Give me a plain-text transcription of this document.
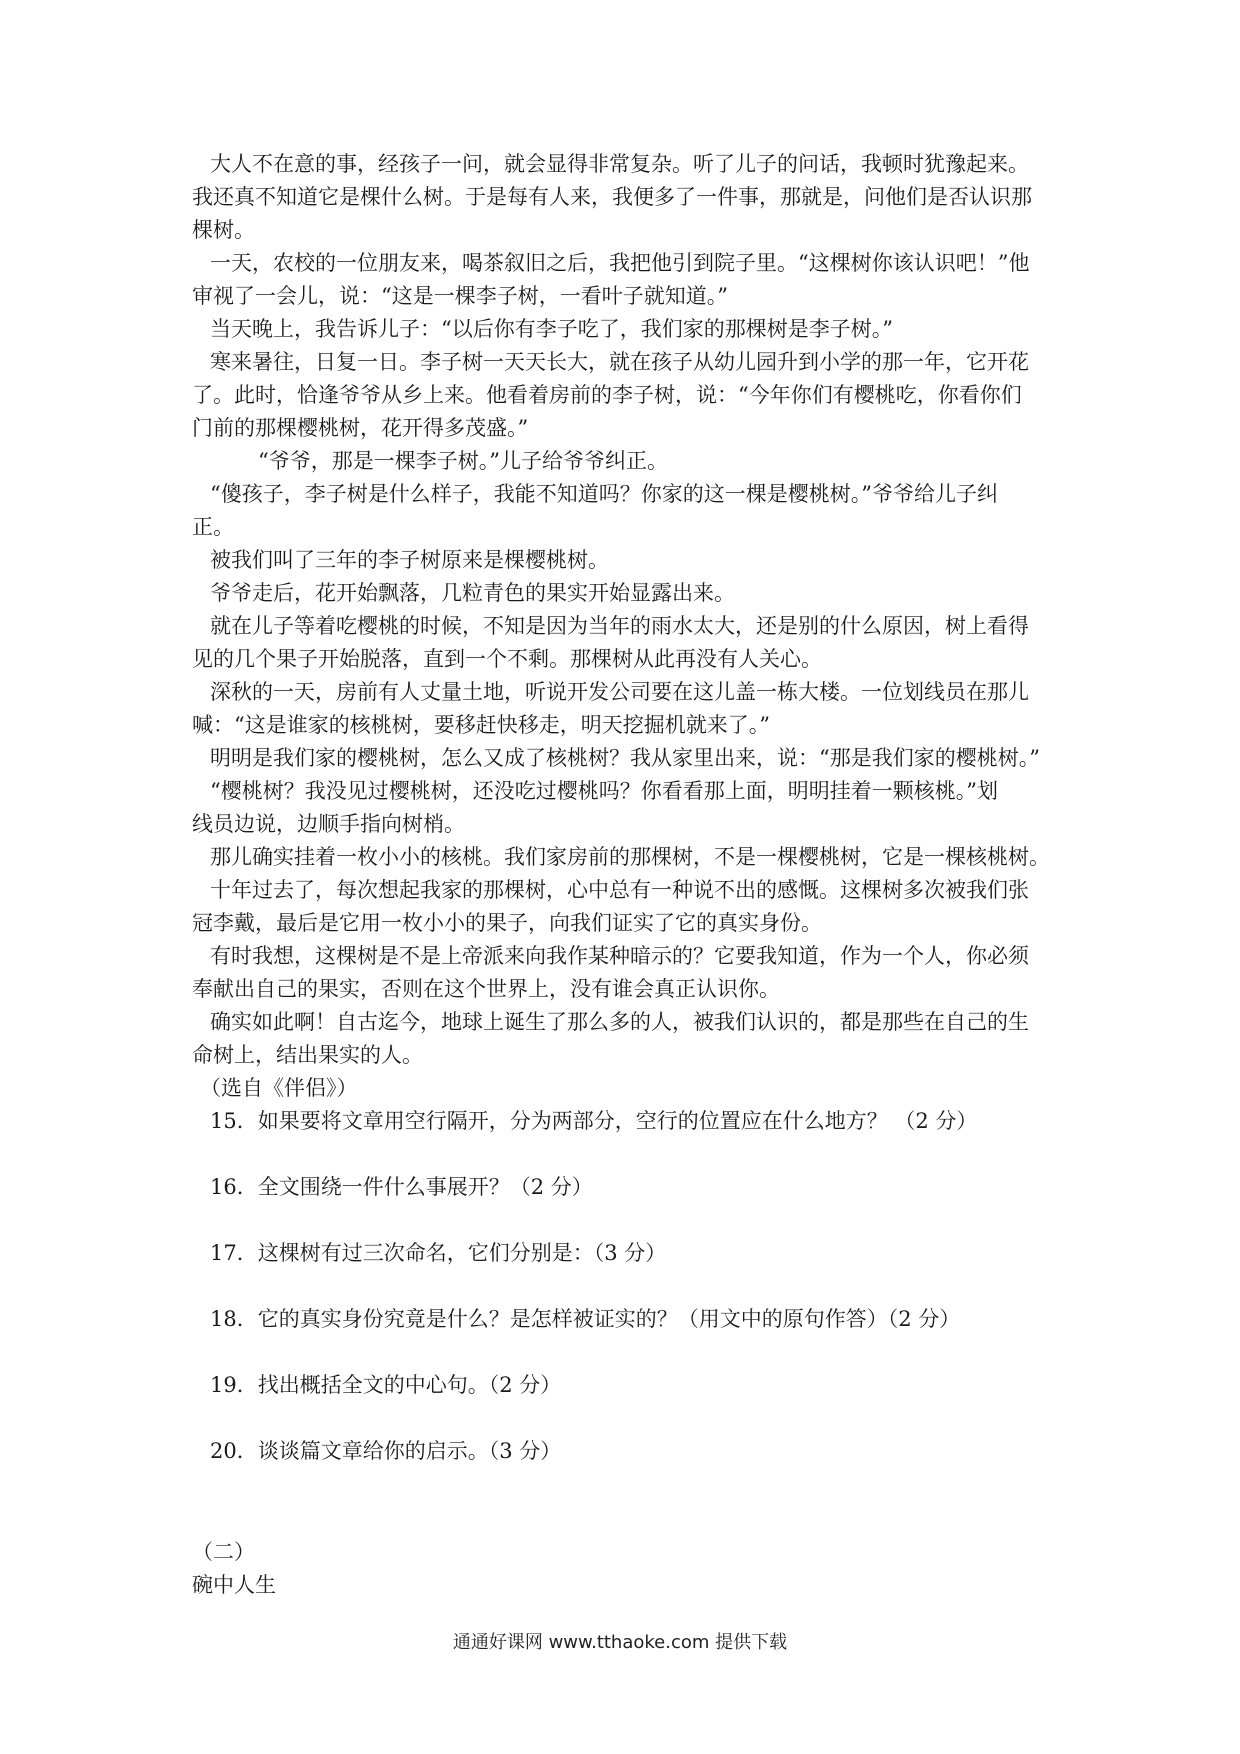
大人不在意的事，经孩子一问，就会显得非常复杂。听了儿子的问话，我顿时犹豫起来。

我还真不知道它是棵什么树。于是每有人来，我便多了一件事，那就是，问他们是否认识那

棵树。

一天，农校的一位朋友来，喝茶叙旧之后，我把他引到院子里。“这棵树你该认识吧！”他

审视了一会儿，说：“这是一棵李子树，一看叶子就知道。”

当天晚上，我告诉儿子：“以后你有李子吃了，我们家的那棵树是李子树。”

寒来暑往，日复一日。李子树一天天长大，就在孩子从幼儿园升到小学的那一年，它开花

了。此时，恰逢爷爷从乡上来。他看着房前的李子树，说：“今年你们有樱桃吃，你看你们

门前的那棵樱桃树，花开得多茂盛。”

“爷爷，那是一棵李子树。”儿子给爷爷纠正。

“傻孩子，李子树是什么样子，我能不知道吗？你家的这一棵是樱桃树。”爷爷给儿子纠

正。

被我们叫了三年的李子树原来是棵樱桃树。

爷爷走后，花开始飘落，几粒青色的果实开始显露出来。

就在儿子等着吃樱桃的时候，不知是因为当年的雨水太大，还是别的什么原因，树上看得

见的几个果子开始脱落，直到一个不剩。那棵树从此再没有人关心。

深秋的一天，房前有人丈量土地，听说开发公司要在这儿盖一栋大楼。一位划线员在那儿

喊：“这是谁家的核桃树，要移赶快移走，明天挖掘机就来了。”

明明是我们家的樱桃树，怎么又成了核桃树？我从家里出来，说：“那是我们家的樱桃树。”

“樱桃树？我没见过樱桃树，还没吃过樱桃吗？你看看那上面，明明挂着一颗核桃。”划

线员边说，边顺手指向树梢。

那儿确实挂着一枚小小的核桃。我们家房前的那棵树，不是一棵樱桃树，它是一棵核桃树。

十年过去了，每次想起我家的那棵树，心中总有一种说不出的感慨。这棵树多次被我们张

冠李戴，最后是它用一枚小小的果子，向我们证实了它的真实身份。

有时我想，这棵树是不是上帝派来向我作某种暗示的？它要我知道，作为一个人，你必须

奉献出自己的果实，否则在这个世界上，没有谁会真正认识你。

确实如此啊！自古迄今，地球上诞生了那么多的人，被我们认识的，都是那些在自己的生

命树上，结出果实的人。

（选自《伴侣》）

15．如果要将文章用空行隔开，分为两部分，空行的位置应在什么地方？ （2 分）

16．全文围绕一件什么事展开？（2 分）

17．这棵树有过三次命名，它们分别是：（3 分）

18．它的真实身份究竟是什么？是怎样被证实的？（用文中的原句作答）（2 分）

19．找出概括全文的中心句。（2 分）

20．谈谈篇文章给你的启示。（3 分）

（二）

碗中人生

通通好课网 www.tthaoke.com 提供下载
